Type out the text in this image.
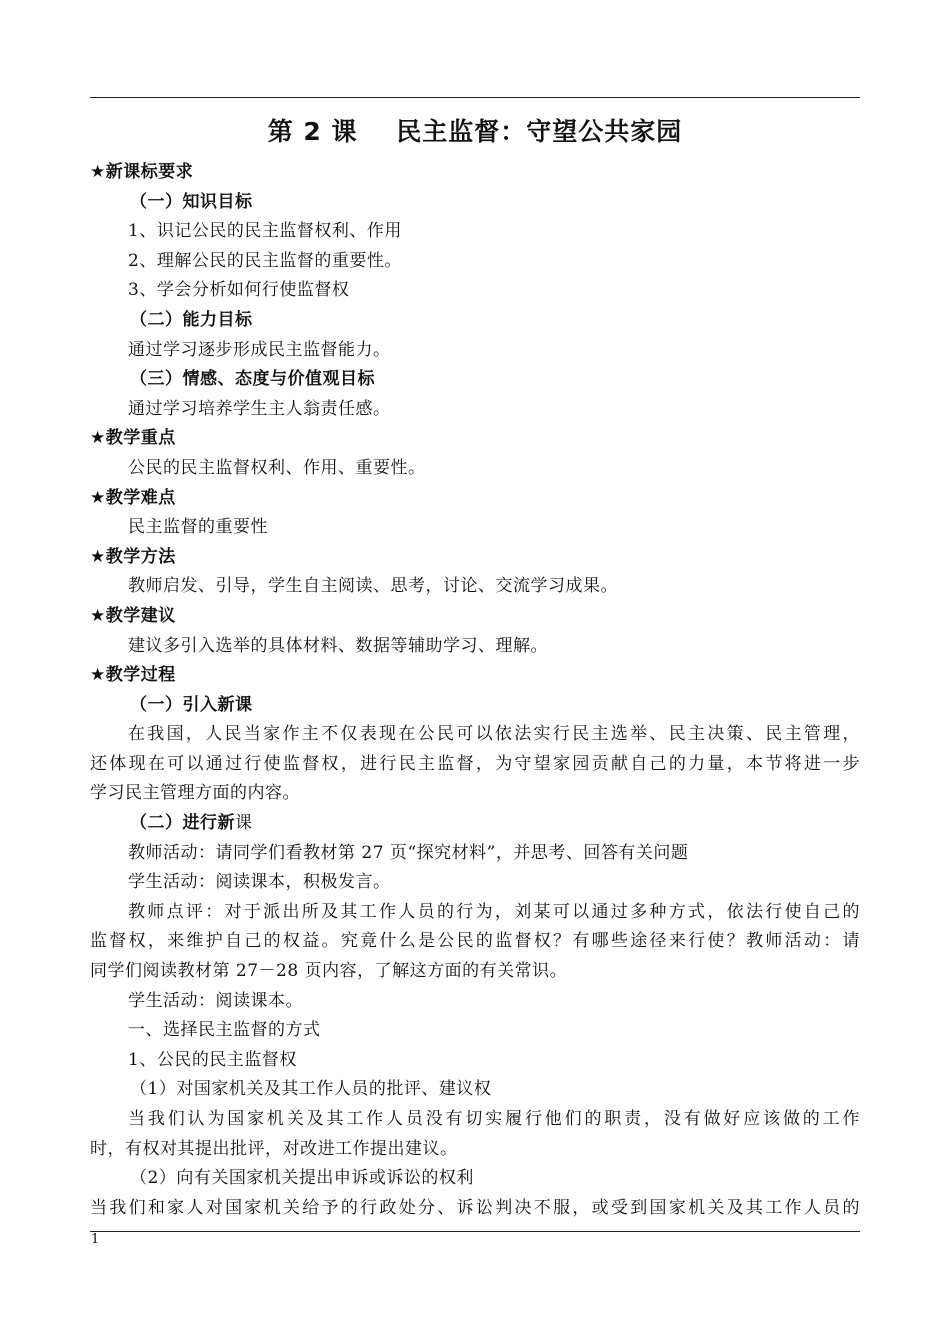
第 2 课    民主监督：守望公共家园
★新课标要求
（一）知识目标
1、识记公民的民主监督权利、作用
2、理解公民的民主监督的重要性。
3、学会分析如何行使监督权
（二）能力目标
通过学习逐步形成民主监督能力。
（三）情感、态度与价值观目标
通过学习培养学生主人翁责任感。
★教学重点
公民的民主监督权利、作用、重要性。
★教学难点
民主监督的重要性
★教学方法
教师启发、引导，学生自主阅读、思考，讨论、交流学习成果。
★教学建议
建议多引入选举的具体材料、数据等辅助学习、理解。
★教学过程
（一）引入新课
在我国，人民当家作主不仅表现在公民可以依法实行民主选举、民主决策、民主管理，
还体现在可以通过行使监督权，进行民主监督，为守望家园贡献自己的力量，本节将进一步
学习民主管理方面的内容。
（二）进行新课
教师活动：请同学们看教材第 27 页“探究材料”，并思考、回答有关问题
学生活动：阅读课本，积极发言。
教师点评：对于派出所及其工作人员的行为，刘某可以通过多种方式，依法行使自己的
监督权，来维护自己的权益。究竟什么是公民的监督权？有哪些途径来行使？教师活动：请
同学们阅读教材第 27－28 页内容，了解这方面的有关常识。
学生活动：阅读课本。
一、选择民主监督的方式
1、公民的民主监督权
（1）对国家机关及其工作人员的批评、建议权
当我们认为国家机关及其工作人员没有切实履行他们的职责，没有做好应该做的工作
时，有权对其提出批评，对改进工作提出建议。
（2）向有关国家机关提出申诉或诉讼的权利
当我们和家人对国家机关给予的行政处分、诉讼判决不服，或受到国家机关及其工作人员的
1
